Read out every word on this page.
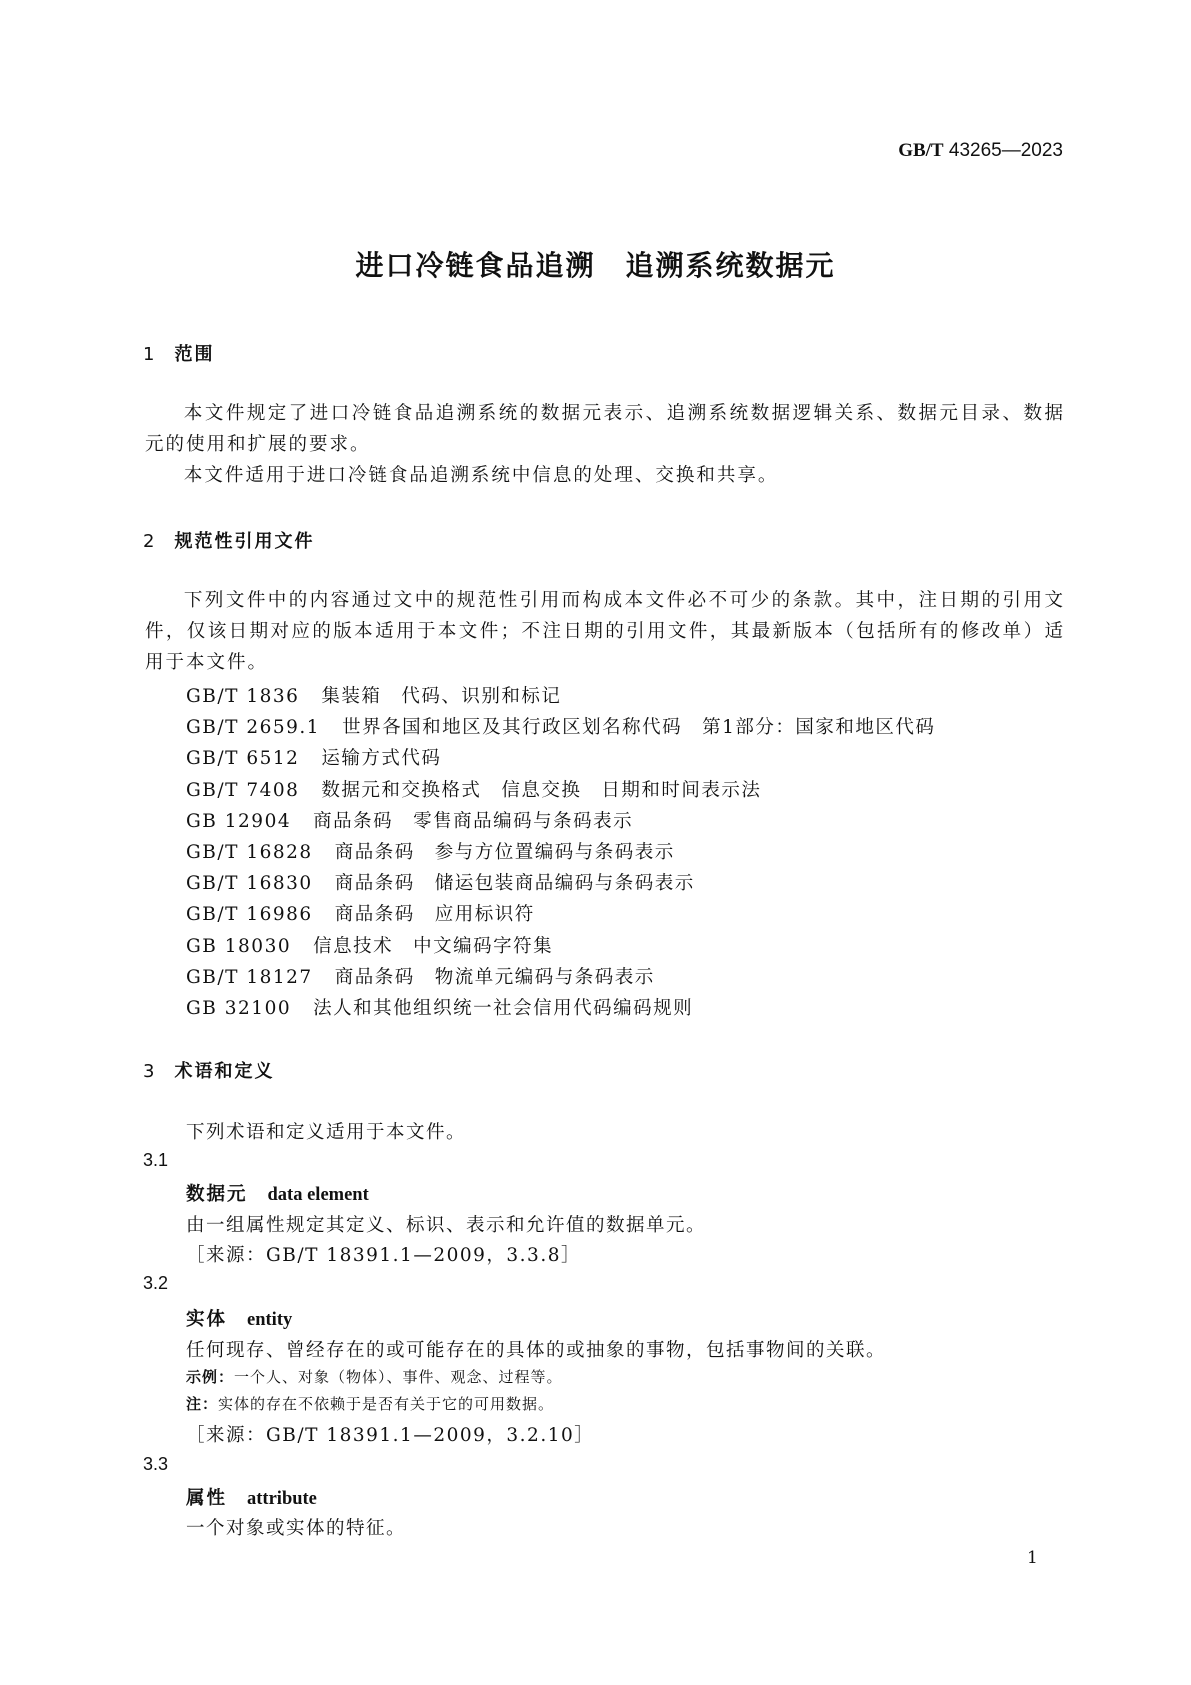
GB/T 43265—2023
进口冷链食品追溯　追溯系统数据元
1 范围
本文件规定了进口冷链食品追溯系统的数据元表示、追溯系统数据逻辑关系、数据元目录、数据元的使用和扩展的要求。
本文件适用于进口冷链食品追溯系统中信息的处理、交换和共享。
2 规范性引用文件
下列文件中的内容通过文中的规范性引用而构成本文件必不可少的条款。其中，注日期的引用文件，仅该日期对应的版本适用于本文件；不注日期的引用文件，其最新版本（包括所有的修改单）适用于本文件。
GB/T 1836 集装箱　代码、识别和标记
GB/T 2659.1 世界各国和地区及其行政区划名称代码　第1部分：国家和地区代码
GB/T 6512 运输方式代码
GB/T 7408 数据元和交换格式　信息交换　日期和时间表示法
GB 12904 商品条码　零售商品编码与条码表示
GB/T 16828 商品条码　参与方位置编码与条码表示
GB/T 16830 商品条码　储运包装商品编码与条码表示
GB/T 16986 商品条码　应用标识符
GB 18030 信息技术　中文编码字符集
GB/T 18127 商品条码　物流单元编码与条码表示
GB 32100 法人和其他组织统一社会信用代码编码规则
3 术语和定义
下列术语和定义适用于本文件。
3.1
数据元 data element
由一组属性规定其定义、标识、表示和允许值的数据单元。
［来源：GB/T 18391.1—2009，3.3.8］
3.2
实体 entity
任何现存、曾经存在的或可能存在的具体的或抽象的事物，包括事物间的关联。
示例：一个人、对象（物体）、事件、观念、过程等。
注：实体的存在不依赖于是否有关于它的可用数据。
［来源：GB/T 18391.1—2009，3.2.10］
3.3
属性 attribute
一个对象或实体的特征。
1
